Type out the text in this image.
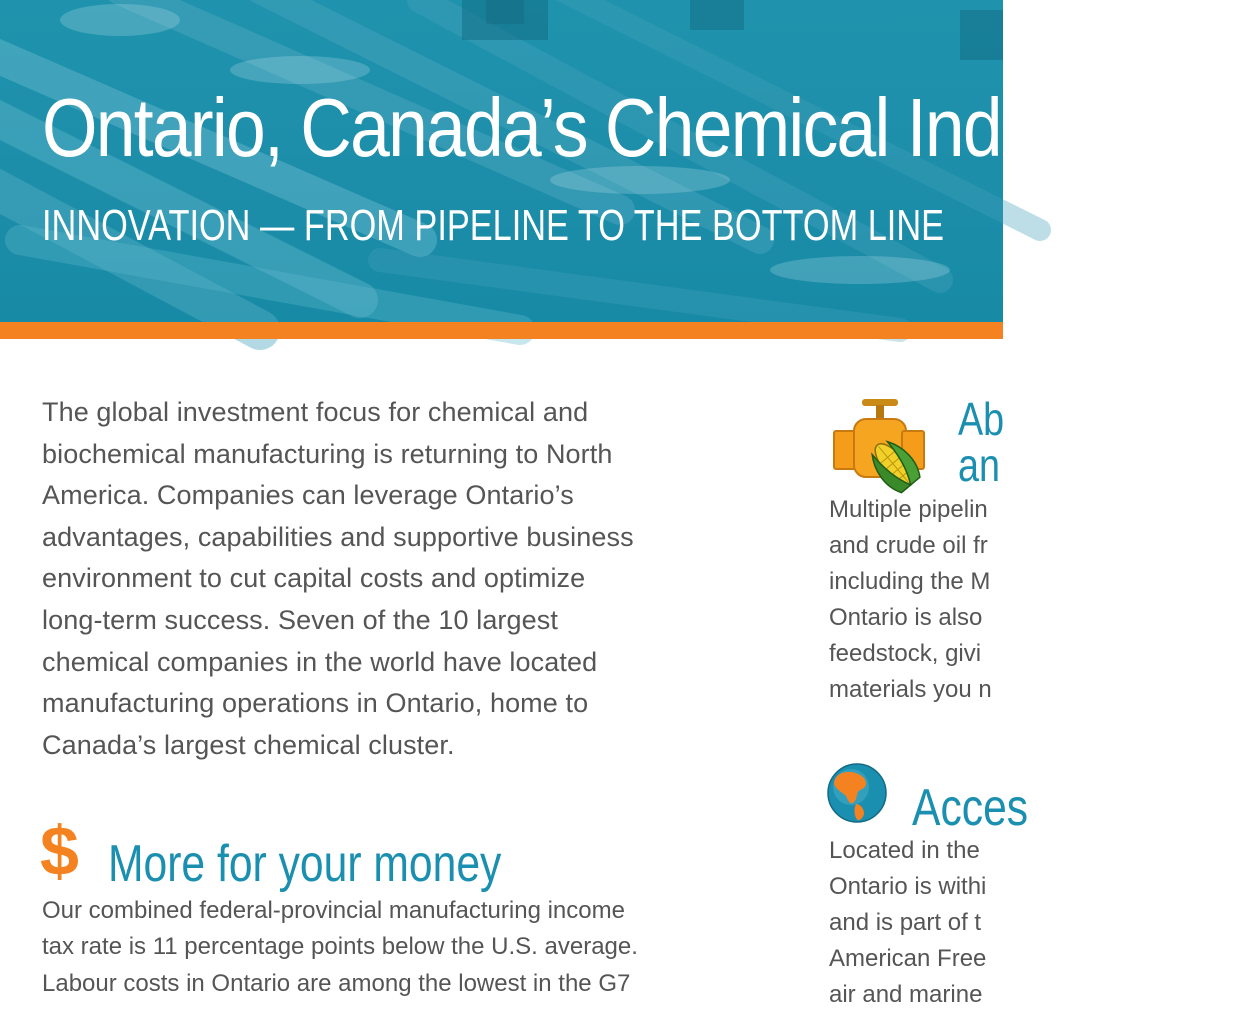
Ontario, Canada’s Chemical Ind
INNOVATION — FROM PIPELINE TO THE BOTTOM LINE

The global investment focus for chemical and
biochemical manufacturing is returning to North
America. Companies can leverage Ontario’s
advantages, capabilities and supportive business
environment to cut capital costs and optimize
long-term success. Seven of the 10 largest
chemical companies in the world have located
manufacturing operations in Ontario, home to
Canada’s largest chemical cluster.

$ More for your money

Our combined federal-provincial manufacturing income
tax rate is 11 percentage points below the U.S. average.
Labour costs in Ontario are among the lowest in the G7

Ab
an

Multiple pipelin
and crude oil fr
including the M
Ontario is also
feedstock, givi
materials you n

Acces

Located in the
Ontario is withi
and is part of t
American Free
air and marine
